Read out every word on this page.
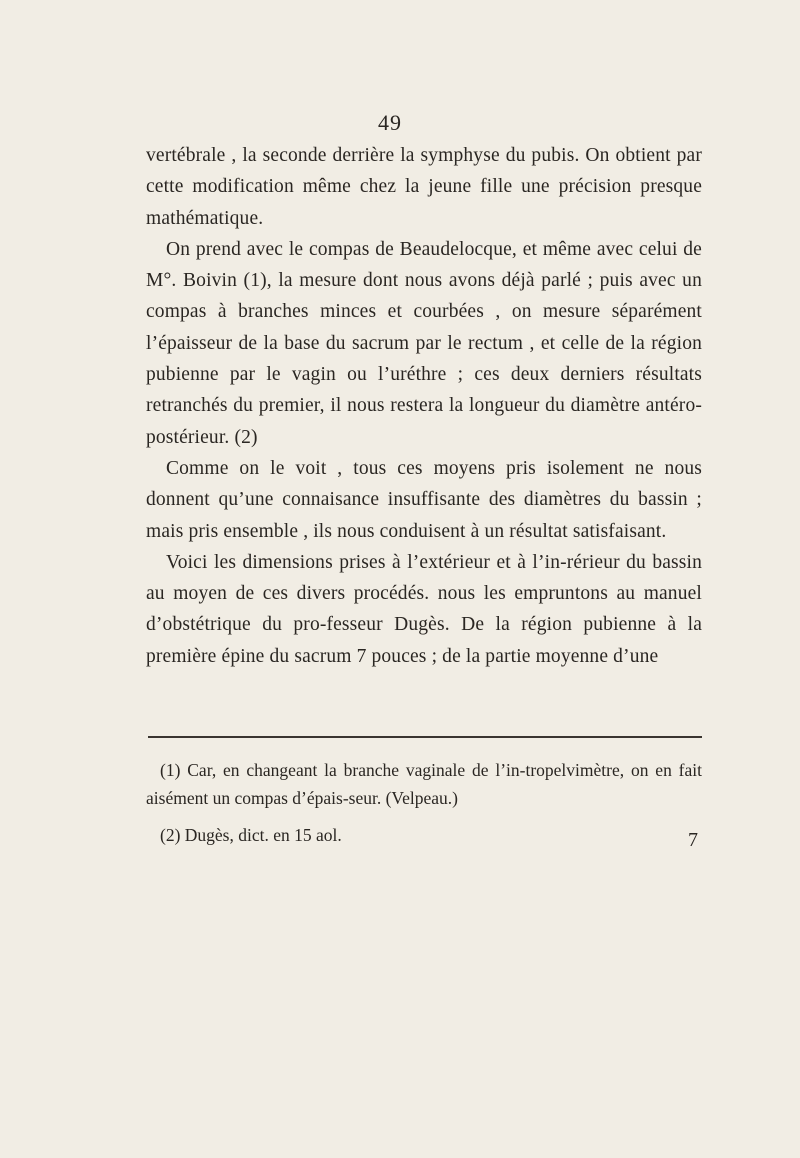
49

vertébrale , la seconde derrière la symphyse du pubis. On obtient par cette modification même chez la jeune fille une précision presque mathématique.

On prend avec le compas de Beaudelocque, et même avec celui de M°. Boivin (1), la mesure dont nous avons déjà parlé ; puis avec un compas à branches minces et courbées , on mesure séparément l’épaisseur de la base du sacrum par le rectum , et celle de la région pubienne par le vagin ou l’uréthre ; ces deux derniers résultats retranchés du premier, il nous restera la longueur du diamètre antéro-postérieur. (2)

Comme on le voit , tous ces moyens pris isolement ne nous donnent qu’une connaisance insuffisante des diamètres du bassin ; mais pris ensemble , ils nous conduisent à un résultat satisfaisant.

Voici les dimensions prises à l’extérieur et à l’in-rérieur du bassin au moyen de ces divers procédés. nous les empruntons au manuel d’obstétrique du pro-fesseur Dugès. De la région pubienne à la première épine du sacrum 7 pouces ; de la partie moyenne d’une

(1) Car, en changeant la branche vaginale de l’in-tropelvimètre, on en fait aisément un compas d’épais-seur. (Velpeau.)

(2) Dugès, dict. en 15 aol.	7
